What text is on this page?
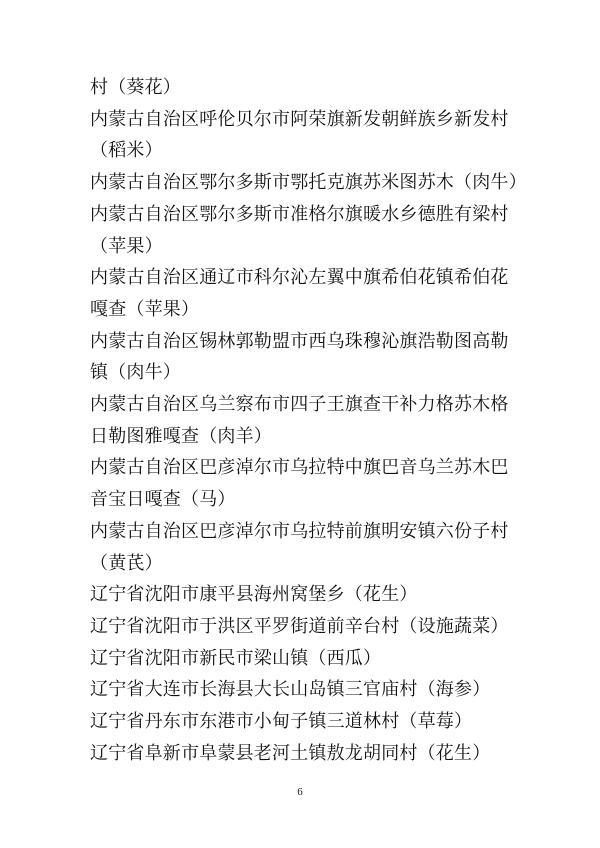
村（葵花）
内蒙古自治区呼伦贝尔市阿荣旗新发朝鲜族乡新发村
（稻米）
内蒙古自治区鄂尔多斯市鄂托克旗苏米图苏木（肉牛）
内蒙古自治区鄂尔多斯市准格尔旗暖水乡德胜有梁村
（苹果）
内蒙古自治区通辽市科尔沁左翼中旗希伯花镇希伯花
嘎查（苹果）
内蒙古自治区锡林郭勒盟市西乌珠穆沁旗浩勒图高勒
镇（肉牛）
内蒙古自治区乌兰察布市四子王旗查干补力格苏木格
日勒图雅嘎查（肉羊）
内蒙古自治区巴彦淖尔市乌拉特中旗巴音乌兰苏木巴
音宝日嘎查（马）
内蒙古自治区巴彦淖尔市乌拉特前旗明安镇六份子村
（黄芪）
辽宁省沈阳市康平县海州窝堡乡（花生）
辽宁省沈阳市于洪区平罗街道前辛台村（设施蔬菜）
辽宁省沈阳市新民市梁山镇（西瓜）
辽宁省大连市长海县大长山岛镇三官庙村（海参）
辽宁省丹东市东港市小甸子镇三道林村（草莓）
辽宁省阜新市阜蒙县老河土镇敖龙胡同村（花生）
6
